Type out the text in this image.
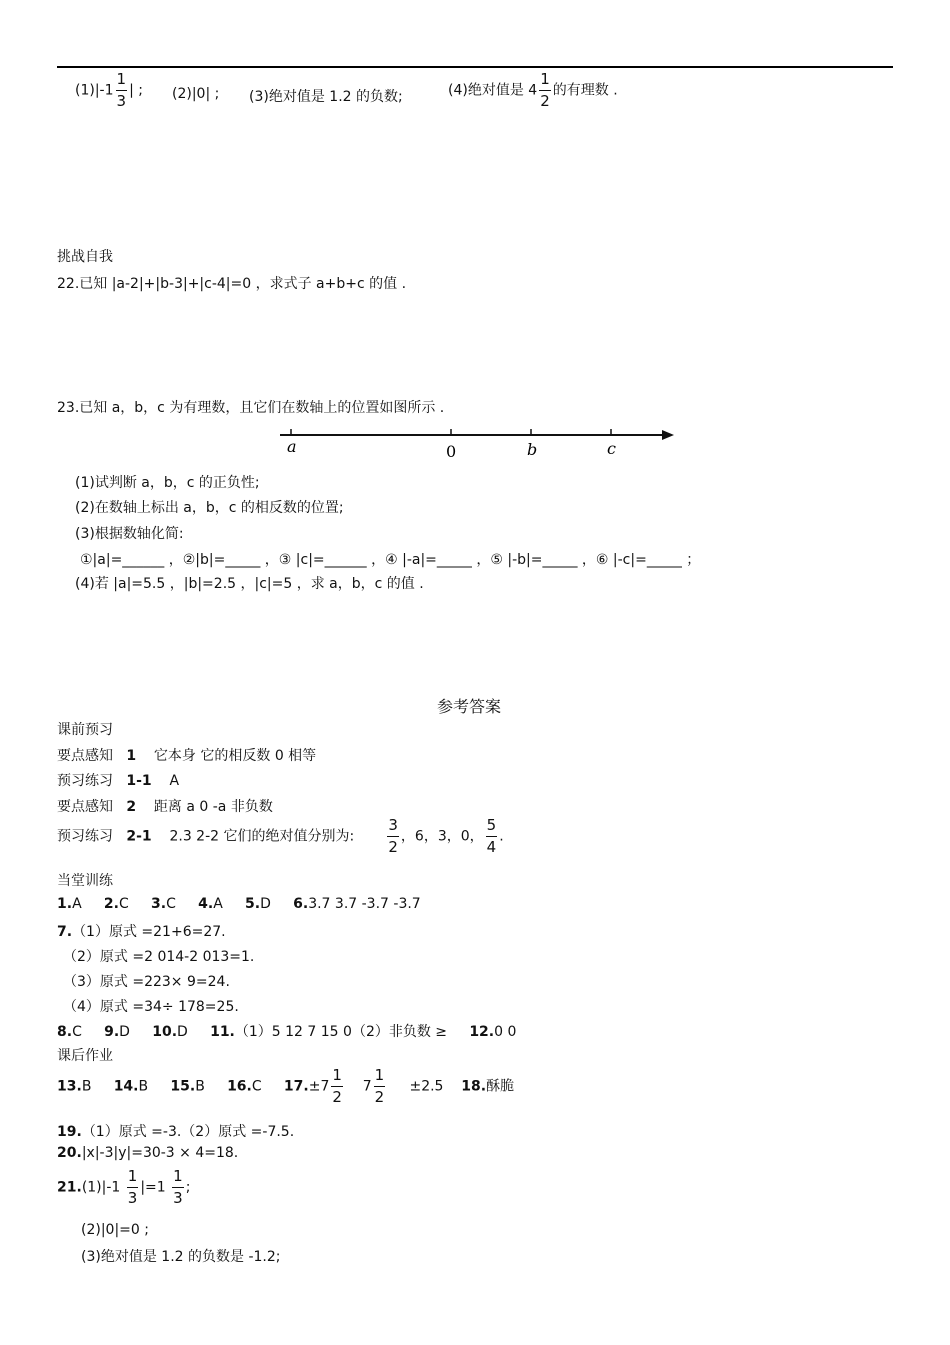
$(1)|-1 \frac{1}{3}$ | ; (2)|0| ; (3)绝对值是 1.2 的负数;	(4)绝对值是 $4 \frac{1}{2}$ 的有理数 .
挑战自我
22.已知 |a-2|+|b-3|+|c-4|=0 ，求式子 a+b+c 的值 .
23.已知 a，b，c 为有理数，且它们在数轴上的位置如图所示 .
a	0	b	c
(1)试判断 a，b，c 的正负性;
(2)在数轴上标出 a，b，c 的相反数的位置;
(3)根据数轴化简:
①|a|=______ ，②|b|=_____ ，③ |c|=______ ，④ |-a|=_____ ，⑤ |-b|=_____ ，⑥ |-c|=_____ ；
(4)若 |a|=5.5 ，|b|=2.5 ，|c|=5 ，求 a，b，c 的值 .
参考答案
课前预习
要点感知 1 它本身 它的相反数 0 相等
预习练习 1-1 A
要点感知 2 距离 a 0 -a 非负数
预习练习 2-1 2.3 2-2 它们的绝对值分别为: $\frac{3}{2}$ ，6，3，0， $\frac{5}{4}$ .
当堂训练
1.A 2.C 3.C 4.A 5.D 6.3.7 3.7 -3.7 -3.7
7.（1）原式 =21+6=27.
（2）原式 =2 014-2 013=1.
（3）原式 =223× 9=24.
（4）原式 =34÷ 178=25.
8.C 9.D 10.D 11.（1）5 12 7 15 0（2）非负数 ≥ 12.0 0
课后作业
13.B 14.B 15.B 16.C $17.\pm 7 \frac{1}{2} 7 \frac{1}{2} \pm 2.5$ 18.酥脆
19.（1）原式 =-3.（2）原式 =-7.5.
20.|x|-3|y|=30-3 × 4=18.
$21.(1)|-1 \frac{1}{3} |=1 \frac{1}{3}$ ;
(2)|0|=0 ;
(3)绝对值是 1.2 的负数是 -1.2;
